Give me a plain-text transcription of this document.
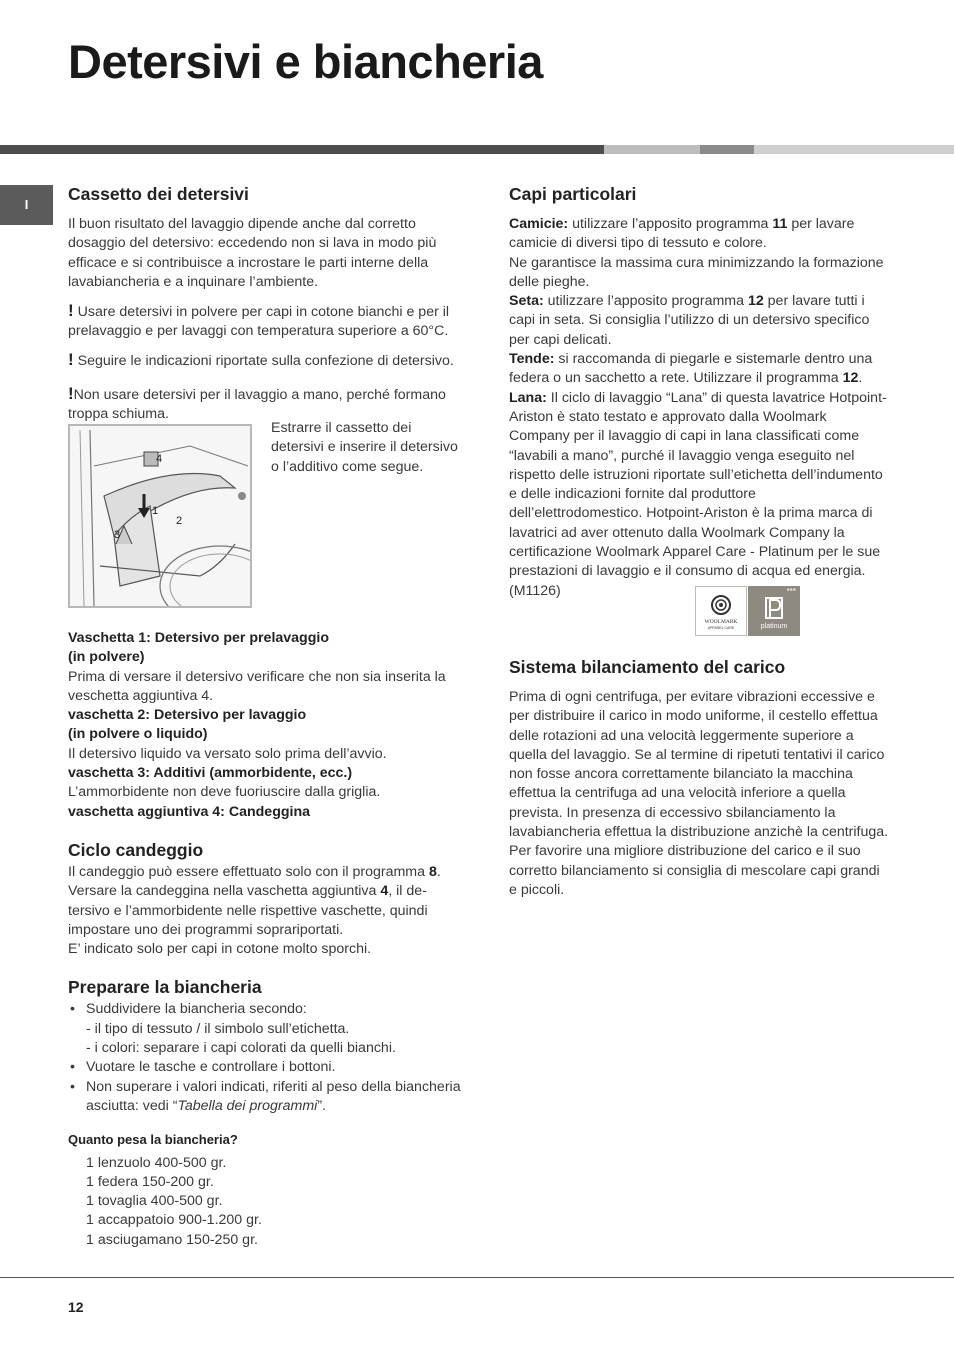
Detersivi e biancheria
I

Cassetto dei detersivi

Il buon risultato del lavaggio dipende anche dal corretto dosaggio del detersivo: eccedendo non si lava in modo più efficace e si contribuisce a incrostare le parti interne della lavabiancheria e a inquinare l’ambiente.

! Usare detersivi in polvere per capi in cotone bianchi e per il prelavaggio e per lavaggi con temperatura superiore a 60°C.

! Seguire le indicazioni riportate sulla confezione di detersivo.

!Non usare detersivi per il lavaggio a mano, perché formano troppa schiuma.

4
1
2
3

Estrarre il cassetto dei detersivi e inserire il detersivo o l’additivo come segue.

Vaschetta 1: Detersivo per prelavaggio

(in polvere)

Prima di versare il detersivo verificare che non sia inserita la veschetta aggiuntiva 4.

vaschetta 2: Detersivo per lavaggio

(in polvere o liquido)

Il detersivo liquido va versato solo prima dell’avvio.

vaschetta 3: Additivi (ammorbidente, ecc.)

L’ammorbidente non deve fuoriuscire dalla griglia.

vaschetta aggiuntiva 4: Candeggina

Ciclo candeggio

Il candeggio può essere effettuato solo con il programma 8.
Versare la candeggina nella vaschetta aggiuntiva 4, il de- tersivo e l’ammorbidente nelle rispettive vaschette, quindi impostare uno dei programmi soprariportati.

E’ indicato solo per capi in cotone molto sporchi.

Preparare la biancheria

• Suddividere la biancheria secondo:
- il tipo di tessuto / il simbolo sull’etichetta.
- i colori: separare i capi colorati da quelli bianchi.
• Vuotare le tasche e controllare i bottoni.
• Non superare i valori indicati, riferiti al peso della biancheria asciutta: vedi “Tabella dei programmi”.

Quanto pesa la biancheria?

1 lenzuolo 400-500 gr.
1 federa 150-200 gr.
1 tovaglia 400-500 gr.
1 accappatoio 900-1.200 gr.
1 asciugamano 150-250 gr.

Capi particolari

Camicie: utilizzare l’apposito programma 11 per lavare camicie di diversi tipo di tessuto e colore.

Ne garantisce la massima cura minimizzando la formazione delle pieghe.

Seta: utilizzare l’apposito programma 12 per lavare tutti i capi in seta. Si consiglia l’utilizzo di un detersivo specifico per capi delicati.

Tende: si raccomanda di piegarle e sistemarle dentro una federa o un sacchetto a rete. Utilizzare il programma 12.

Lana: Il ciclo di lavaggio “Lana” di questa lavatrice Hotpoint-Ariston è stato testato e approvato dalla Woolmark Company per il lavaggio di capi in lana classificati come “lavabili a mano”, purché il lavaggio venga eseguito nel rispetto delle istruzioni riportate sull’etichetta dell’indumento e delle indicazioni fornite dal produttore dell’elettrodomestico. Hotpoint-Ariston è la prima marca di lavatrici ad aver ottenuto dalla Woolmark Company la certificazione Woolmark Apparel Care - Platinum per le sue prestazioni di lavaggio e il consumo di acqua ed energia. (M1126)

WOOLMARK
APPAREL CARE
***
platinum

Sistema bilanciamento del carico

Prima di ogni centrifuga, per evitare vibrazioni eccessive e per distribuire il carico in modo uniforme, il cestello effettua delle rotazioni ad una velocità leggermente superiore a quella del lavaggio. Se al termine di ripetuti tentativi il carico non fosse ancora correttamente bilanciato la macchina effettua la centrifuga ad una velocità inferiore a quella prevista. In presenza di eccessivo sbilanciamento la lavabiancheria effettua la distribuzione anzichè la centrifuga. Per favorire una migliore distribuzione del carico e il suo corretto bilanciamento si consiglia di mescolare capi grandi e piccoli.

12
